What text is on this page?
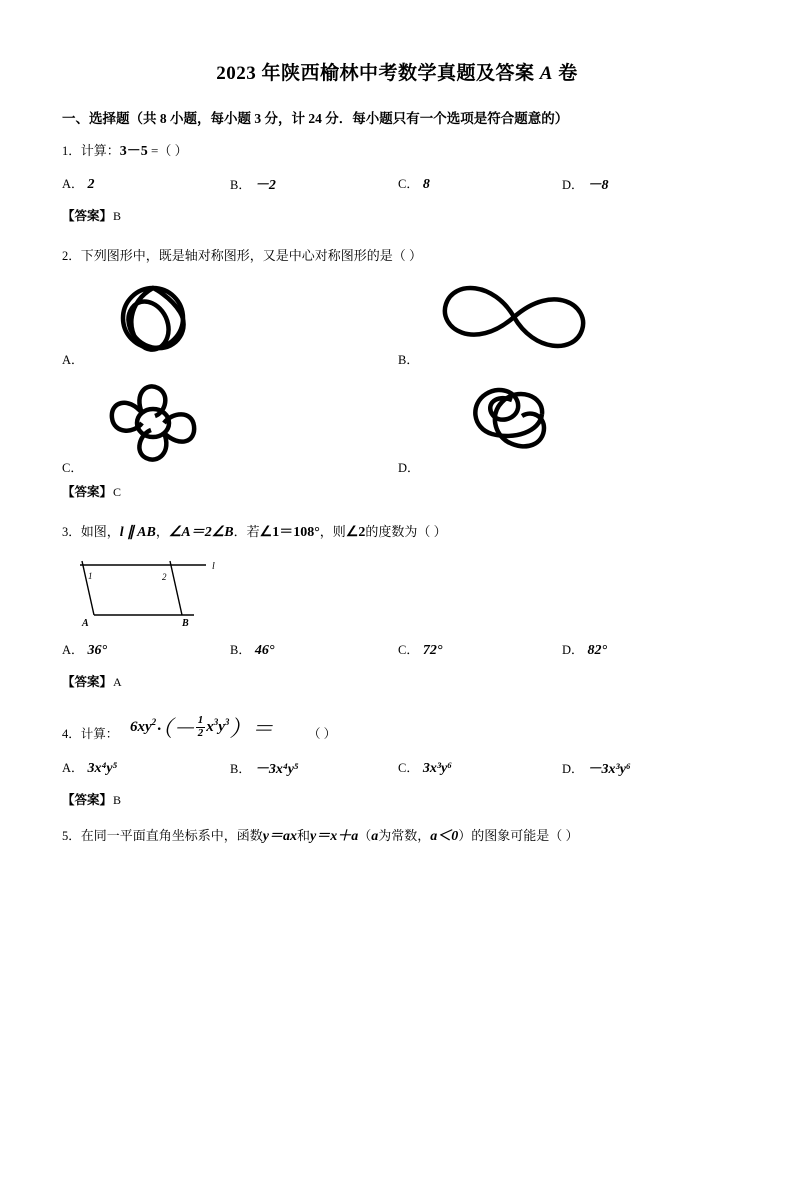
2023 年陕西榆林中考数学真题及答案 A 卷
一、选择题（共 8 小题，每小题 3 分，计 24 分．每小题只有一个选项是符合题意的）
1．计算：3－5 =（ ）
A． 2	B． －2	C． 8	D． －8
【答案】B
2．下列图形中，既是轴对称图形，又是中心对称图形的是（ ）
A．	B．
C．	D．
【答案】C
3．如图，l ∥ AB，∠A＝2∠B．若∠1＝108°，则∠2的度数为（ ）
1	2
l
A	B
A． 36°	B． 46°	C． 72°	D． 82°
【答案】A
4．计算： $6xy^2\cdot(- \frac{1}{2} x^3y^3)=$	（ ）
A． 3x⁴y⁵	B． －3x⁴y⁵	C． 3x³y⁶	D． －3x³y⁶
【答案】B
5．在同一平面直角坐标系中，函数y＝ax和y＝x＋a（a为常数，a＜0）的图象可能是（ ）
